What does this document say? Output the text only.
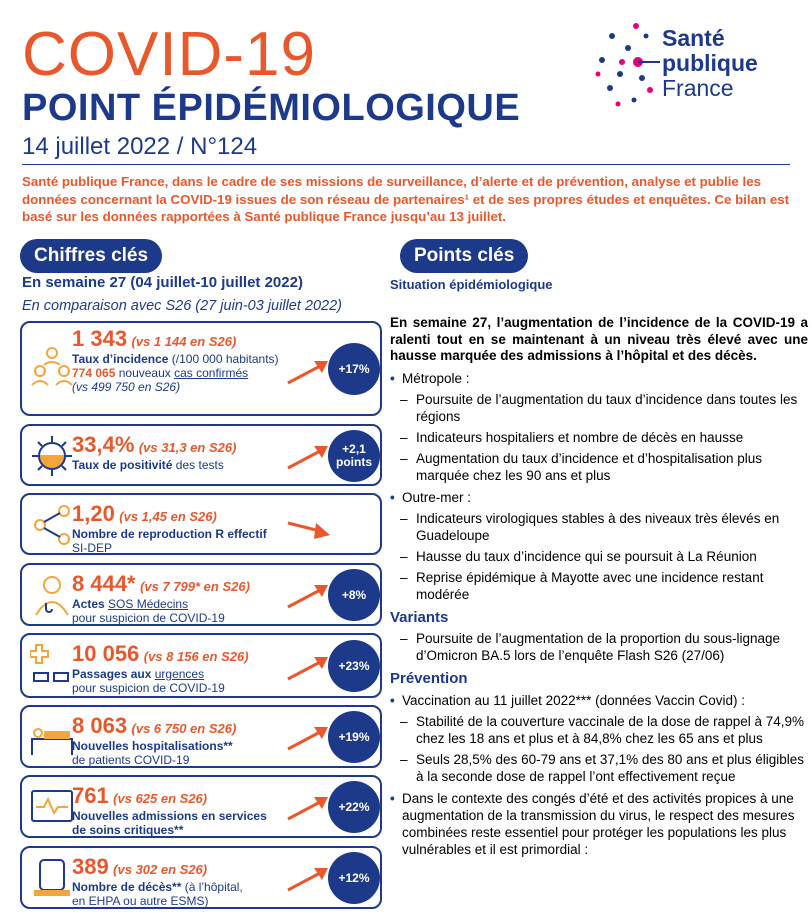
COVID-19
POINT ÉPIDÉMIOLOGIQUE
14 juillet 2022 / N°124
Santé
publique
France
Santé publique France, dans le cadre de ses missions de surveillance, d’alerte et de prévention, analyse et publie les données concernant la COVID-19 issues de son réseau de partenaires¹ et de ses propres études et enquêtes. Ce bilan est basé sur les données rapportées à Santé publique France jusqu’au 13 juillet.
Chiffres clés
En semaine 27 (04 juillet-10 juillet 2022)
En comparaison avec S26 (27 juin-03 juillet 2022)
1 343 (vs 1 144 en S26)
Taux d’incidence (/100 000 habitants)
774 065 nouveaux cas confirmés
(vs 499 750 en S26)
+17%
33,4% (vs 31,3 en S26)
Taux de positivité des tests
+2,1 points
1,20 (vs 1,45 en S26)
Nombre de reproduction R effectif
SI-DEP
8 444* (vs 7 799* en S26)
Actes SOS Médecins
pour suspicion de COVID-19
+8%
10 056 (vs 8 156 en S26)
Passages aux urgences
pour suspicion de COVID-19
+23%
8 063 (vs 6 750 en S26)
Nouvelles hospitalisations**
de patients COVID-19
+19%
761 (vs 625 en S26)
Nouvelles admissions en services
de soins critiques**
+22%
389 (vs 302 en S26)
Nombre de décès** (à l’hôpital,
en EHPA ou autre ESMS)
+12%
Points clés
Situation épidémiologique
En semaine 27, l’augmentation de l’incidence de la COVID-19 a ralenti tout en se maintenant à un niveau très élevé avec une hausse marquée des admissions à l’hôpital et des décès.
• Métropole :
– Poursuite de l’augmentation du taux d’incidence dans toutes les régions
– Indicateurs hospitaliers et nombre de décès en hausse
– Augmentation du taux d’incidence et d’hospitalisation plus marquée chez les 90 ans et plus
• Outre-mer :
– Indicateurs virologiques stables à des niveaux très élevés en Guadeloupe
– Hausse du taux d’incidence qui se poursuit à La Réunion
– Reprise épidémique à Mayotte avec une incidence restant modérée
Variants
– Poursuite de l’augmentation de la proportion du sous-lignage d’Omicron BA.5 lors de l’enquête Flash S26 (27/06)
Prévention
• Vaccination au 11 juillet 2022*** (données Vaccin Covid) :
– Stabilité de la couverture vaccinale de la dose de rappel à 74,9% chez les 18 ans et plus et à 84,8% chez les 65 ans et plus
– Seuls 28,5% des 60-79 ans et 37,1% des 80 ans et plus éligibles à la seconde dose de rappel l’ont effectivement reçue
• Dans le contexte des congés d’été et des activités propices à une augmentation de la transmission du virus, le respect des mesures combinées reste essentiel pour protéger les populations les plus vulnérables et il est primordial :
